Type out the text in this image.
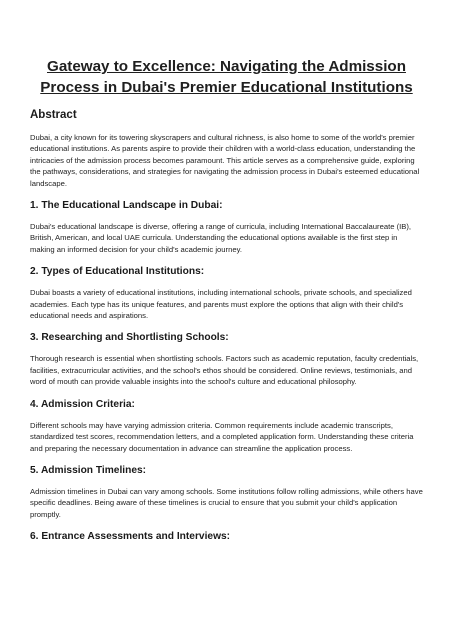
Gateway to Excellence: Navigating the Admission Process in Dubai's Premier Educational Institutions
Abstract

Dubai, a city known for its towering skyscrapers and cultural richness, is also home to some of the world's premier educational institutions. As parents aspire to provide their children with a world-class education, understanding the intricacies of the admission process becomes paramount. This article serves as a comprehensive guide, exploring the pathways, considerations, and strategies for navigating the admission process in Dubai's esteemed educational landscape.

1. The Educational Landscape in Dubai:

Dubai's educational landscape is diverse, offering a range of curricula, including International Baccalaureate (IB), British, American, and local UAE curricula. Understanding the educational options available is the first step in making an informed decision for your child's academic journey.

2. Types of Educational Institutions:

Dubai boasts a variety of educational institutions, including international schools, private schools, and specialized academies. Each type has its unique features, and parents must explore the options that align with their child's educational needs and aspirations.

3. Researching and Shortlisting Schools:

Thorough research is essential when shortlisting schools. Factors such as academic reputation, faculty credentials, facilities, extracurricular activities, and the school's ethos should be considered. Online reviews, testimonials, and word of mouth can provide valuable insights into the school's culture and educational philosophy.

4. Admission Criteria:

Different schools may have varying admission criteria. Common requirements include academic transcripts, standardized test scores, recommendation letters, and a completed application form. Understanding these criteria and preparing the necessary documentation in advance can streamline the application process.

5. Admission Timelines:

Admission timelines in Dubai can vary among schools. Some institutions follow rolling admissions, while others have specific deadlines. Being aware of these timelines is crucial to ensure that you submit your child's application promptly.

6. Entrance Assessments and Interviews:
